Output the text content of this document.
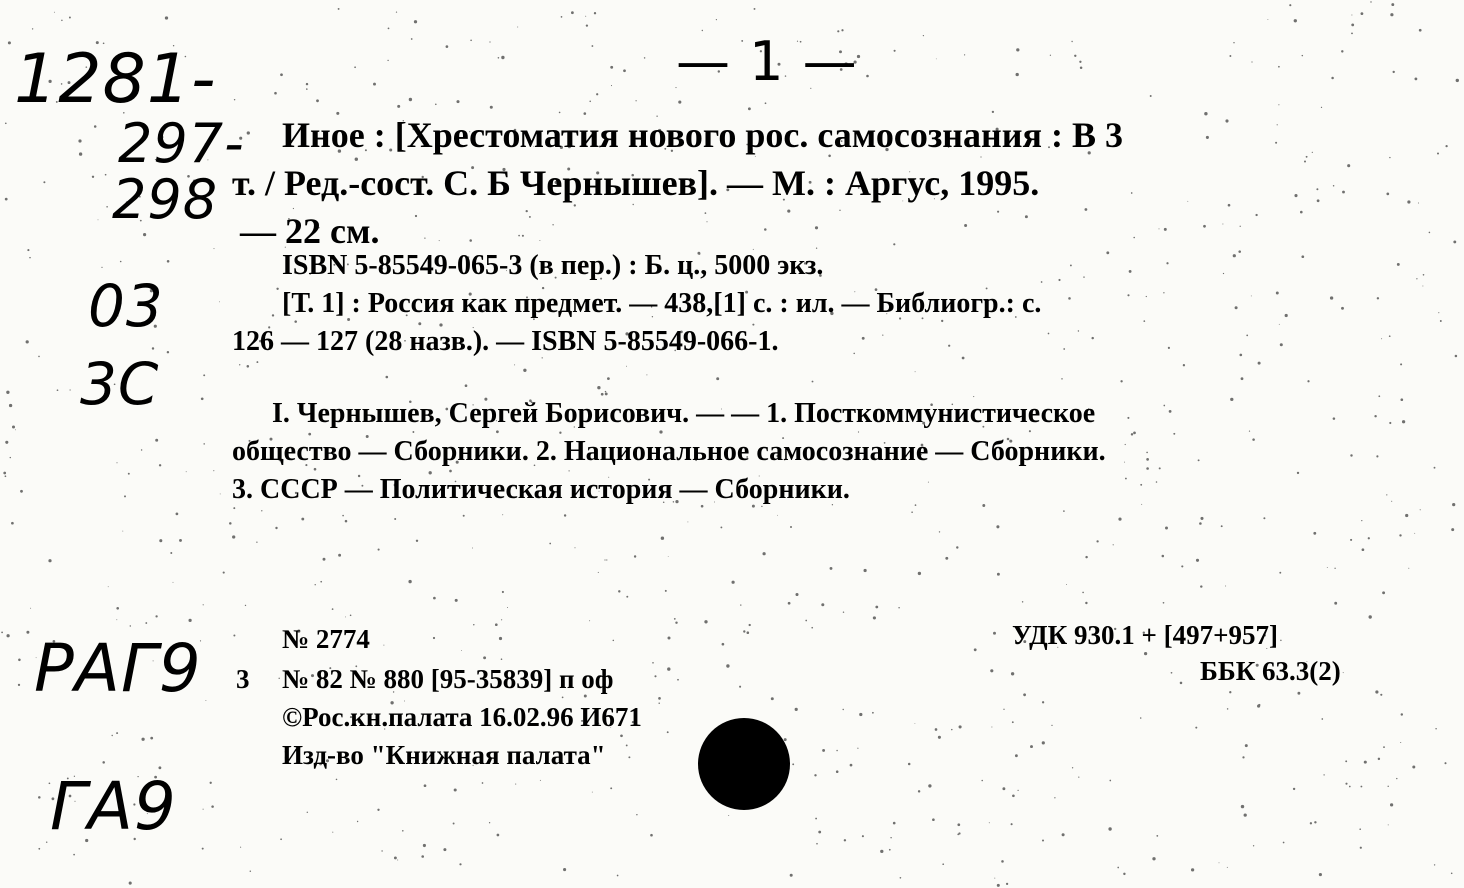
1281-
297-
298
03
3C
РАГ9
ГА9
— 1 —
Иное : [Хрестоматия нового рос. самосознания : В 3
т. / Ред.-сост. С. Б Чернышев]. — М. : Аргус, 1995.
— 22 см.
ISBN 5-85549-065-3 (в пер.) : Б. ц., 5000 экз.
[Т. 1] : Россия как предмет. — 438,[1] с. : ил. — Библиогр.: с.
126 — 127 (28 назв.). — ISBN 5-85549-066-1.
I. Чернышев, Сергей Борисович. — — 1. Посткоммунистическое
общество — Сборники. 2. Национальное самосознание — Сборники.
3. СССР — Политическая история — Сборники.
№ 2774
3 № 82 № 880 [95-35839] п оф
©Рос.кн.палата 16.02.96 И671
Изд-во "Книжная палата"
УДК 930.1 + [497+957]
ББК 63.3(2)
